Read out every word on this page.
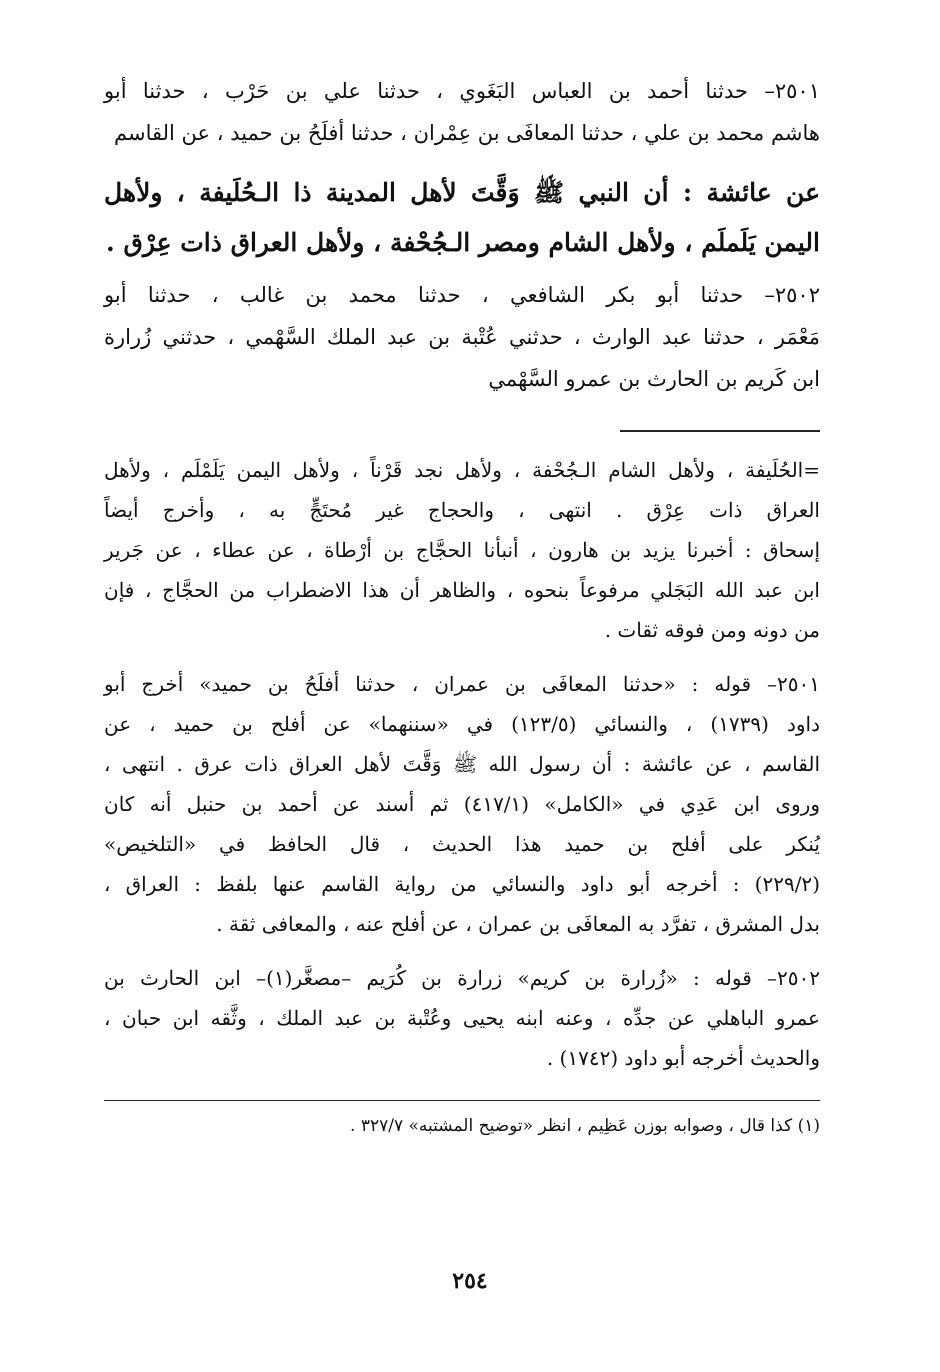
٢٥٠١– حدثنا أحمد بن العباس البَغَوي ، حدثنا علي بن حَرْب ، حدثنا أبو
هاشم محمد بن علي ، حدثنا المعافَى بن عِمْران ، حدثنا أفلَحُ بن حميد ، عن القاسم
عن عائشة : أن النبي ﷺ وَقَّتَ لأهل المدينة ذا الـحُلَيفة ، ولأهل
اليمن يَلَملَم ، ولأهل الشام ومصر الـجُحْفة ، ولأهل العراق ذات عِرْق .
٢٥٠٢– حدثنا أبو بكر الشافعي ، حدثنا محمد بن غالب ، حدثنا أبو
مَعْمَر ، حدثنا عبد الوارث ، حدثني عُتْبة بن عبد الملك السَّهْمي ، حدثني زُرارة
ابن كَريم بن الحارث بن عمرو السَّهْمي
=الحُلَيفة ، ولأهل الشام الـجُحْفة ، ولأهل نجد قَرْناً ، ولأهل اليمن يَلَمْلَم ، ولأهل
العراق ذات عِرْق . انتهى ، والحجاج غير مُحتَجٍّ به ، وأخرج أيضاً
إسحاق : أخبرنا يزيد بن هارون ، أنبأنا الحجَّاج بن أرْطاة ، عن عطاء ، عن جَرير
ابن عبد الله البَجَلي مرفوعاً بنحوه ، والظاهر أن هذا الاضطراب من الحجَّاج ، فإن
من دونه ومن فوقه ثقات .
٢٥٠١– قوله : «حدثنا المعافَى بن عمران ، حدثنا أفلَحُ بن حميد» أخرج أبو
داود (١٧٣٩) ، والنسائي (١٢٣/٥) في «سننهما» عن أفلح بن حميد ، عن
القاسم ، عن عائشة : أن رسول الله ﷺ وَقَّتَ لأهل العراق ذات عرق . انتهى ،
وروى ابن عَدِي في «الكامل» (٤١٧/١) ثم أسند عن أحمد بن حنبل أنه كان
يُنكر على أفلح بن حميد هذا الحديث ، قال الحافظ في «التلخيص»
(٢٢٩/٢) : أخرجه أبو داود والنسائي من رواية القاسم عنها بلفظ : العراق ،
بدل المشرق ، تفرَّد به المعافَى بن عمران ، عن أفلح عنه ، والمعافى ثقة .
٢٥٠٢– قوله : «زُرارة بن كريم» زرارة بن كُرَيم –مصغَّر(١)– ابن الحارث بن
عمرو الباهلي عن جدِّه ، وعنه ابنه يحيى وعُتْبة بن عبد الملك ، وثَّقه ابن حبان ،
والحديث أخرجه أبو داود (١٧٤٢) .
(١) كذا قال ، وصوابه بوزن عَظِيم ، انظر «توضيح المشتبه» ٣٢٧/٧ .
٢٥٤
